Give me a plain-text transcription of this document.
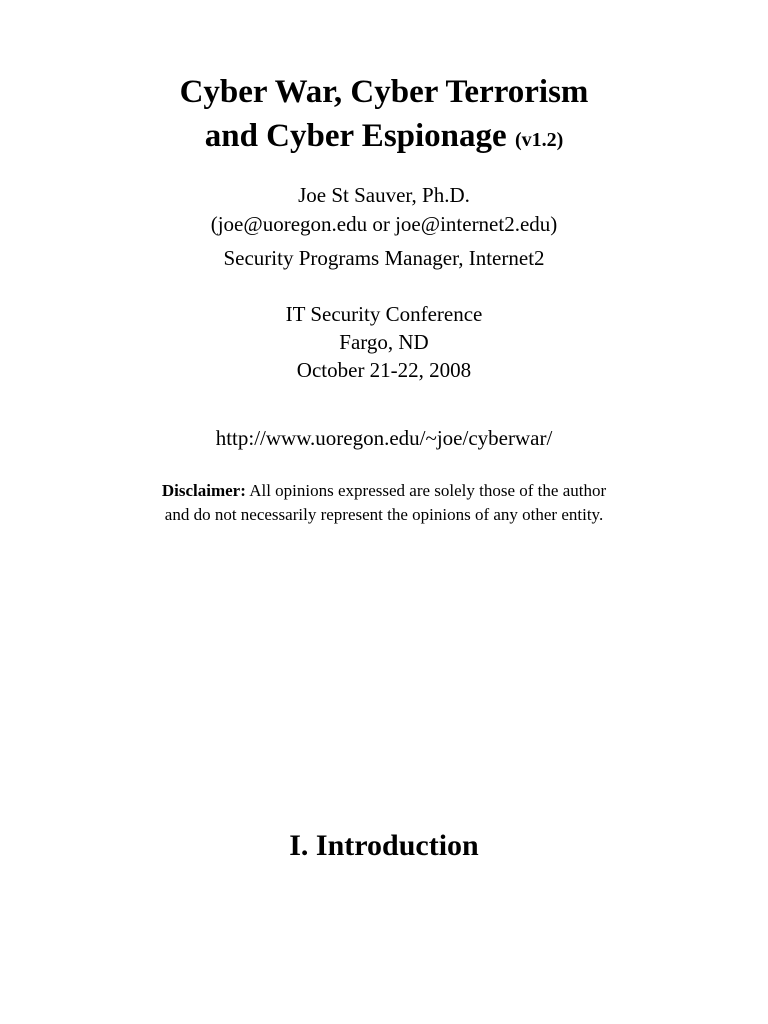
Cyber War, Cyber Terrorism
and Cyber Espionage (v1.2)
Joe St Sauver, Ph.D.
(joe@uoregon.edu or joe@internet2.edu)
Security Programs Manager, Internet2
IT Security Conference
Fargo, ND
October 21-22, 2008
http://www.uoregon.edu/~joe/cyberwar/
Disclaimer: All opinions expressed are solely those of the author
and do not necessarily represent the opinions of any other entity.
I. Introduction
